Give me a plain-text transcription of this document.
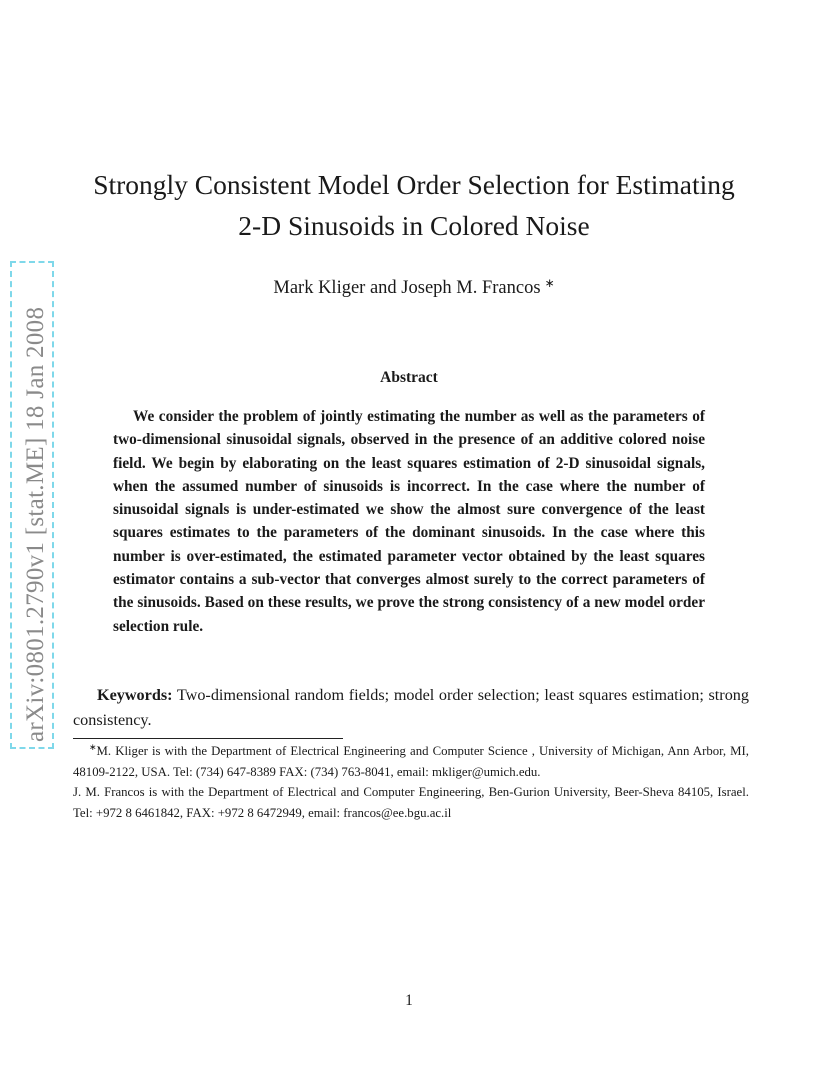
arXiv:0801.2790v1 [stat.ME] 18 Jan 2008
Strongly Consistent Model Order Selection for Estimating
2-D Sinusoids in Colored Noise
Mark Kliger and Joseph M. Francos ∗
Abstract

We consider the problem of jointly estimating the number as well as the parameters of two-dimensional sinusoidal signals, observed in the presence of an additive colored noise field. We begin by elaborating on the least squares estimation of 2-D sinusoidal signals, when the assumed number of sinusoids is incorrect. In the case where the number of sinusoidal signals is under-estimated we show the almost sure convergence of the least squares estimates to the parameters of the dominant sinusoids. In the case where this number is over-estimated, the estimated parameter vector obtained by the least squares estimator contains a sub-vector that converges almost surely to the correct parameters of the sinusoids. Based on these results, we prove the strong consistency of a new model order selection rule.

Keywords: Two-dimensional random fields; model order selection; least squares estimation; strong consistency.

∗M. Kliger is with the Department of Electrical Engineering and Computer Science , University of Michigan, Ann Arbor, MI, 48109-2122, USA. Tel: (734) 647-8389 FAX: (734) 763-8041, email: mkliger@umich.edu.

J. M. Francos is with the Department of Electrical and Computer Engineering, Ben-Gurion University, Beer-Sheva 84105, Israel. Tel: +972 8 6461842, FAX: +972 8 6472949, email: francos@ee.bgu.ac.il

1
